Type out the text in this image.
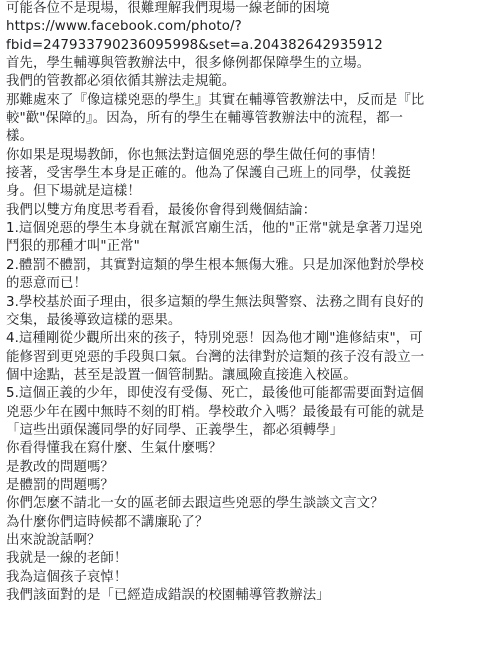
可能各位不是現場，很難理解我們現場一線老師的困境
https://www.facebook.com/photo/?
fbid=247933790236095998&set=a.204382642935912
首先，學生輔導與管教辦法中，很多條例都保障學生的立場。
我們的管教都必須依循其辦法走規範。
那難處來了『像這樣兇惡的學生』其實在輔導管教辦法中，反而是『比
較"歡"保障的』。因為，所有的學生在輔導管教辦法中的流程，都一
樣。
你如果是現場教師，你也無法對這個兇惡的學生做任何的事情！
接著，受害學生本身是正確的。他為了保護自己班上的同學，仗義挺
身。但下場就是這樣！
我們以雙方角度思考看看，最後你會得到幾個結論：
1.這個兇惡的學生本身就在幫派宮廟生活，他的"正常"就是拿著刀逞兇
鬥狠的那種才叫"正常"
2.體罰不體罰，其實對這類的學生根本無傷大雅。只是加深他對於學校
的惡意而已！
3.學校基於面子理由，很多這類的學生無法與警察、法務之間有良好的
交集，最後導致這樣的惡果。
4.這種剛從少觀所出來的孩子，特別兇惡！因為他才剛"進修結束"，可
能修習到更兇惡的手段與口氣。台灣的法律對於這類的孩子沒有設立一
個中途點，甚至是設置一個管制點。讓風險直接進入校區。
5.這個正義的少年，即使沒有受傷、死亡，最後他可能都需要面對這個
兇惡少年在國中無時不刻的盯梢。學校敢介入嗎？最後最有可能的就是
「這些出頭保護同學的好同學、正義學生，都必須轉學」
你看得懂我在寫什麼、生氣什麼嗎？
是教改的問題嗎？
是體罰的問題嗎？
你們怎麼不請北一女的區老師去跟這些兇惡的學生談談文言文？
為什麼你們這時候都不講廉恥了？
出來說說話啊？
我就是一線的老師！
我為這個孩子哀悼！
我們該面對的是「已經造成錯誤的校園輔導管教辦法」
